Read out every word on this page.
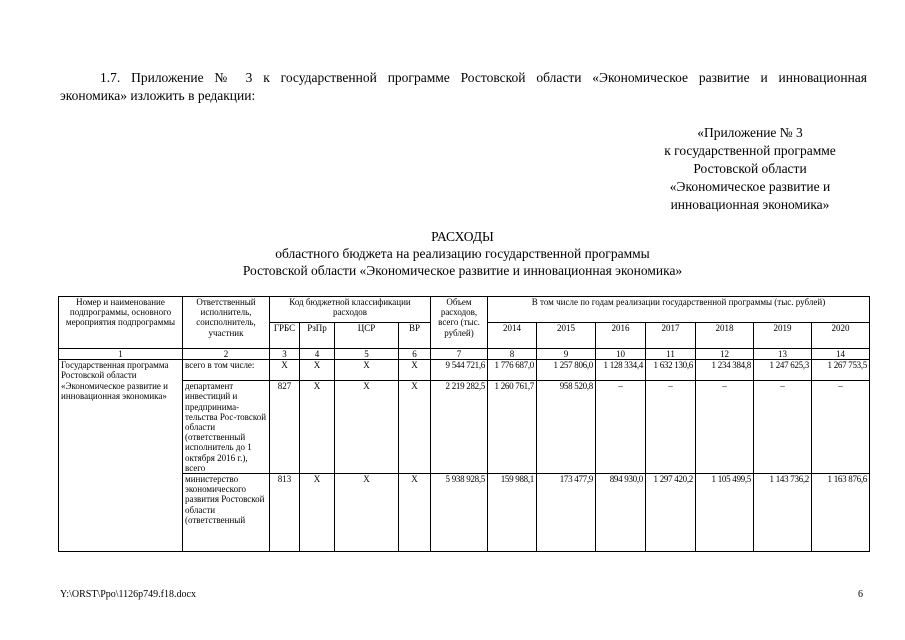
1.7. Приложение № 3 к государственной программе Ростовской области «Экономическое развитие и инновационная
экономика» изложить в редакции:
«Приложение № 3
к государственной программе
Ростовской области
«Экономическое развитие и
инновационная экономика»
РАСХОДЫ
областного бюджета на реализацию государственной программы
Ростовской области «Экономическое развитие и инновационная экономика»
Номер и наименование подпрограммы, основного мероприятия подпрограммы	Ответственный исполнитель, соисполнитель, участник	Код бюджетной классификации расходов				Объем расходов, всего (тыс. рублей)	В том числе по годам реализации государственной программы (тыс. рублей)						
		ГРБС	РзПр	ЦСР	ВР		2014	2015	2016	2017	2018	2019	2020
1	2	3	4	5	6	7	8	9	10	11	12	13	14
Государственная программа Ростовской области «Экономическое развитие и инновационная экономика»	всего в том числе:	X	X	X	X	9 544 721,6	1 776 687,0	1 257 806,0	1 128 334,4	1 632 130,6	1 234 384,8	1 247 625,3	1 267 753,5
	департамент инвестиций и предпринима-тельства Рос-товской области (ответственный исполнитель до 1 октября 2016 г.), всего	827	X	X	X	2 219 282,5	1 260 761,7	958 520,8	–	–	–	–	–
	министерство экономического развития Ростовской области (ответственный	813	X	X	X	5 938 928,5	159 988,1	173 477,9	894 930,0	1 297 420,2	1 105 499,5	1 143 736,2	1 163 876,6
Y:\ORST\Ppo\1126p749.f18.docx	6
